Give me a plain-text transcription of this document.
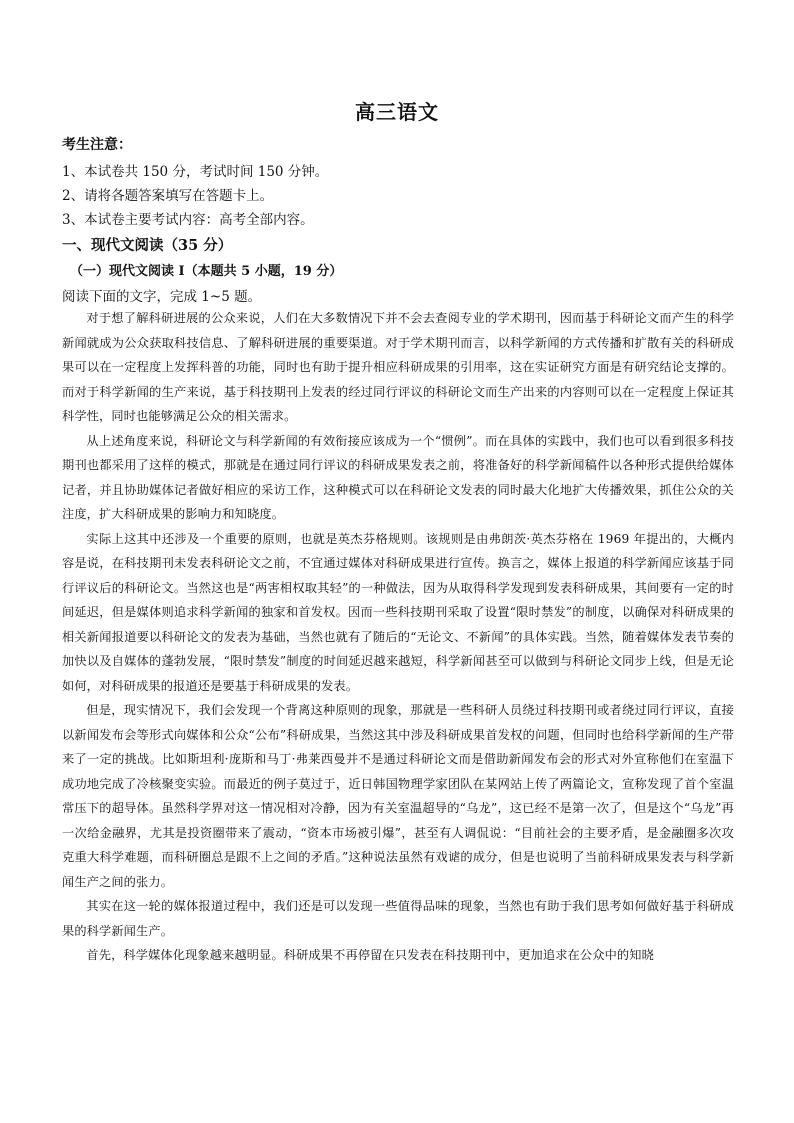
高三语文
考生注意：
1、本试卷共 150 分，考试时间 150 分钟。
2、请将各题答案填写在答题卡上。
3、本试卷主要考试内容：高考全部内容。
一、现代文阅读（35 分）
（一）现代文阅读 I（本题共 5 小题，19 分）
阅读下面的文字，完成 1~5 题。

对于想了解科研进展的公众来说，人们在大多数情况下并不会去查阅专业的学术期刊，因而基于科研论文而产生的科学新闻就成为公众获取科技信息、了解科研进展的重要渠道。对于学术期刊而言，以科学新闻的方式传播和扩散有关的科研成果可以在一定程度上发挥科普的功能，同时也有助于提升相应科研成果的引用率，这在实证研究方面是有研究结论支撑的。而对于科学新闻的生产来说，基于科技期刊上发表的经过同行评议的科研论文而生产出来的内容则可以在一定程度上保证其科学性，同时也能够满足公众的相关需求。

从上述角度来说，科研论文与科学新闻的有效衔接应该成为一个“惯例”。而在具体的实践中，我们也可以看到很多科技期刊也都采用了这样的模式，那就是在通过同行评议的科研成果发表之前，将准备好的科学新闻稿件以各种形式提供给媒体记者，并且协助媒体记者做好相应的采访工作，这种模式可以在科研论文发表的同时最大化地扩大传播效果，抓住公众的关注度，扩大科研成果的影响力和知晓度。

实际上这其中还涉及一个重要的原则，也就是英杰芬格规则。该规则是由弗朗茨·英杰芬格在 1969 年提出的，大概内容是说，在科技期刊未发表科研论文之前，不宜通过媒体对科研成果进行宣传。换言之，媒体上报道的科学新闻应该基于同行评议后的科研论文。当然这也是“两害相权取其轻”的一种做法，因为从取得科学发现到发表科研成果，其间要有一定的时间延迟，但是媒体则追求科学新闻的独家和首发权。因而一些科技期刊采取了设置“限时禁发”的制度，以确保对科研成果的相关新闻报道要以科研论文的发表为基础，当然也就有了随后的“无论文、不新闻”的具体实践。当然，随着媒体发表节奏的加快以及自媒体的蓬勃发展，“限时禁发”制度的时间延迟越来越短，科学新闻甚至可以做到与科研论文同步上线，但是无论如何，对科研成果的报道还是要基于科研成果的发表。

但是，现实情况下，我们会发现一个背离这种原则的现象，那就是一些科研人员绕过科技期刊或者绕过同行评议，直接以新闻发布会等形式向媒体和公众“公布”科研成果，当然这其中涉及科研成果首发权的问题，但同时也给科学新闻的生产带来了一定的挑战。比如斯坦利·庞斯和马丁·弗莱西曼并不是通过科研论文而是借助新闻发布会的形式对外宣称他们在室温下成功地完成了冷核聚变实验。而最近的例子莫过于，近日韩国物理学家团队在某网站上传了两篇论文，宣称发现了首个室温常压下的超导体。虽然科学界对这一情况相对冷静，因为有关室温超导的“乌龙”，这已经不是第一次了，但是这个“乌龙”再一次给金融界，尤其是投资圈带来了震动，“资本市场被引爆”，甚至有人调侃说：“目前社会的主要矛盾，是金融圈多次攻克重大科学难题，而科研圈总是跟不上之间的矛盾。”这种说法虽然有戏谑的成分，但是也说明了当前科研成果发表与科学新闻生产之间的张力。

其实在这一轮的媒体报道过程中，我们还是可以发现一些值得品味的现象，当然也有助于我们思考如何做好基于科研成果的科学新闻生产。

首先，科学媒体化现象越来越明显。科研成果不再停留在只发表在科技期刊中，更加追求在公众中的知晓
